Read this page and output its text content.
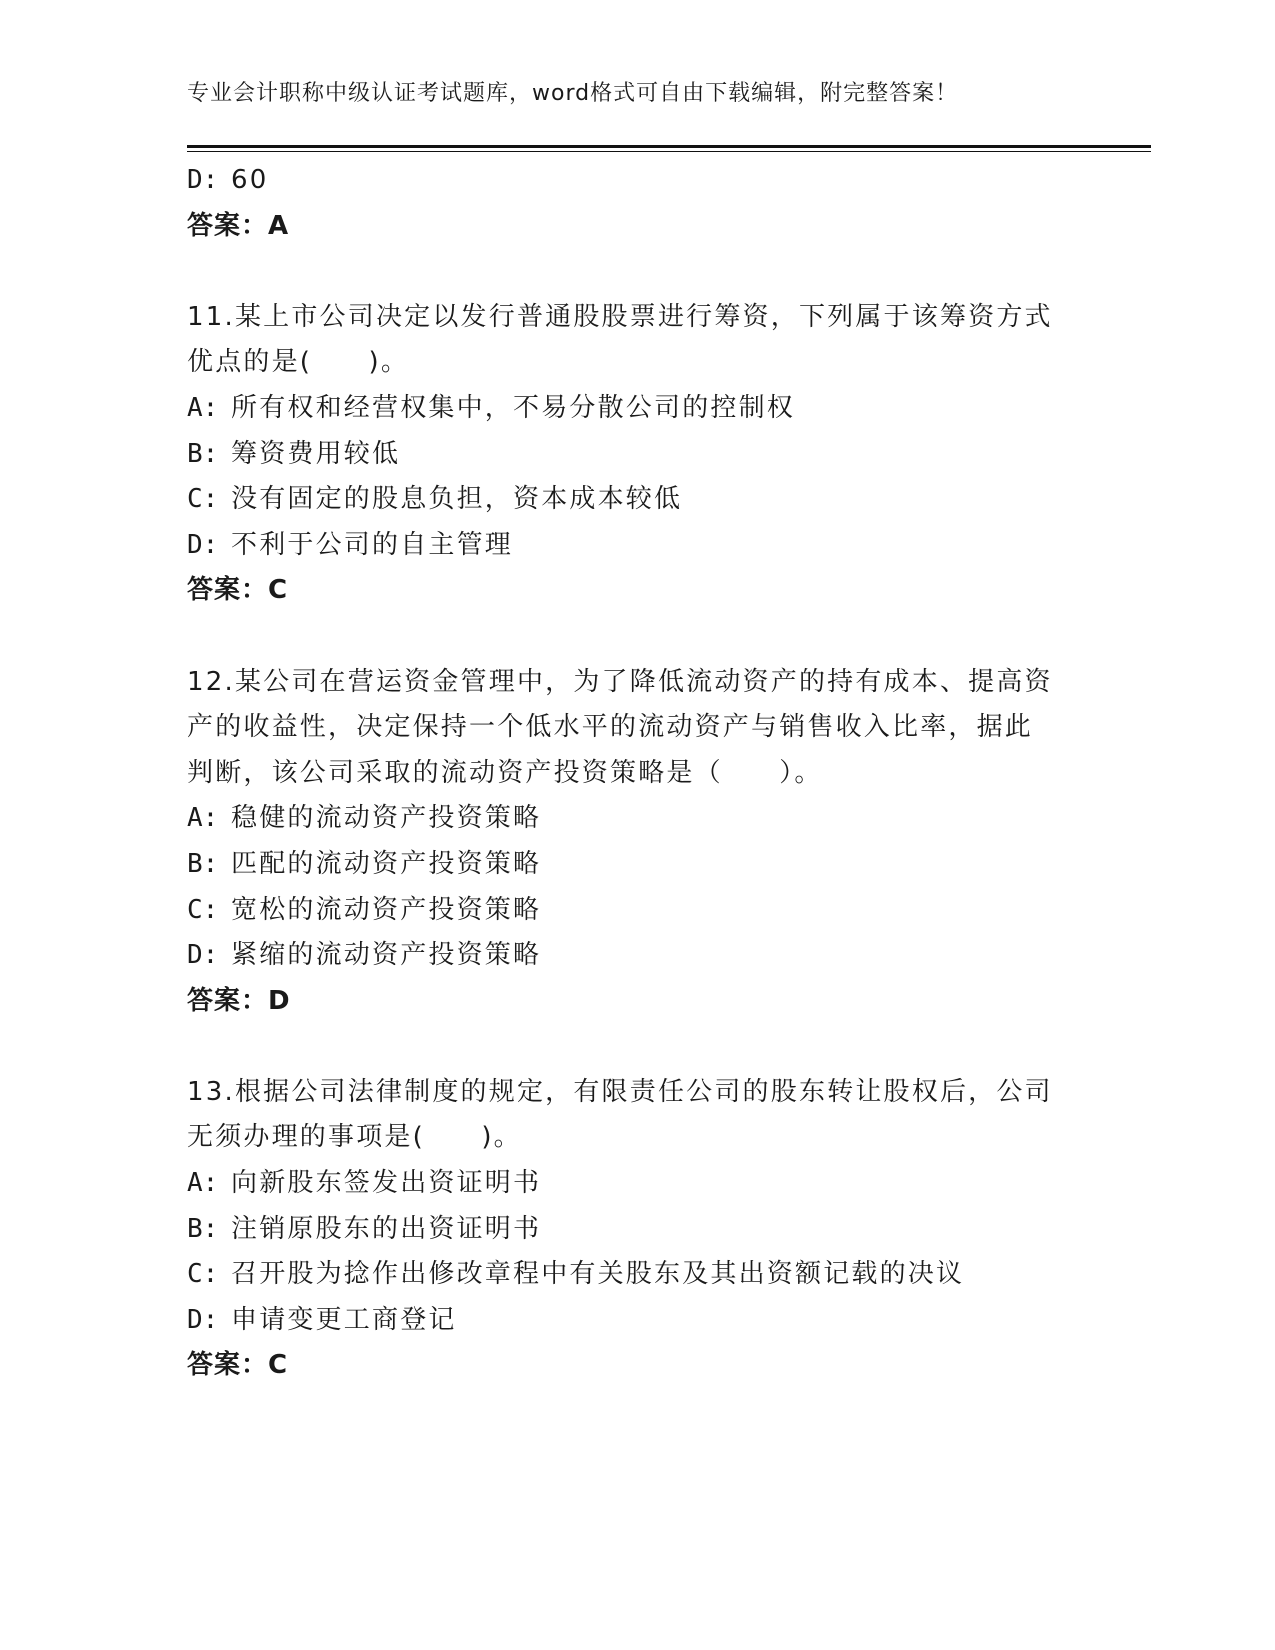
专业会计职称中级认证考试题库，word格式可自由下载编辑，附完整答案！
D: 60
答案：A
11.某上市公司决定以发行普通股股票进行筹资，下列属于该筹资方式
优点的是(　　)。
A: 所有权和经营权集中，不易分散公司的控制权
B: 筹资费用较低
C: 没有固定的股息负担，资本成本较低
D: 不利于公司的自主管理
答案：C
12.某公司在营运资金管理中，为了降低流动资产的持有成本、提高资
产的收益性，决定保持一个低水平的流动资产与销售收入比率，据此
判断，该公司采取的流动资产投资策略是（　　）。
A: 稳健的流动资产投资策略
B: 匹配的流动资产投资策略
C: 宽松的流动资产投资策略
D: 紧缩的流动资产投资策略
答案：D
13.根据公司法律制度的规定，有限责任公司的股东转让股权后，公司
无须办理的事项是(　　)。
A: 向新股东签发出资证明书
B: 注销原股东的出资证明书
C: 召开股为捻作出修改章程中有关股东及其出资额记载的决议
D: 申请变更工商登记
答案：C
